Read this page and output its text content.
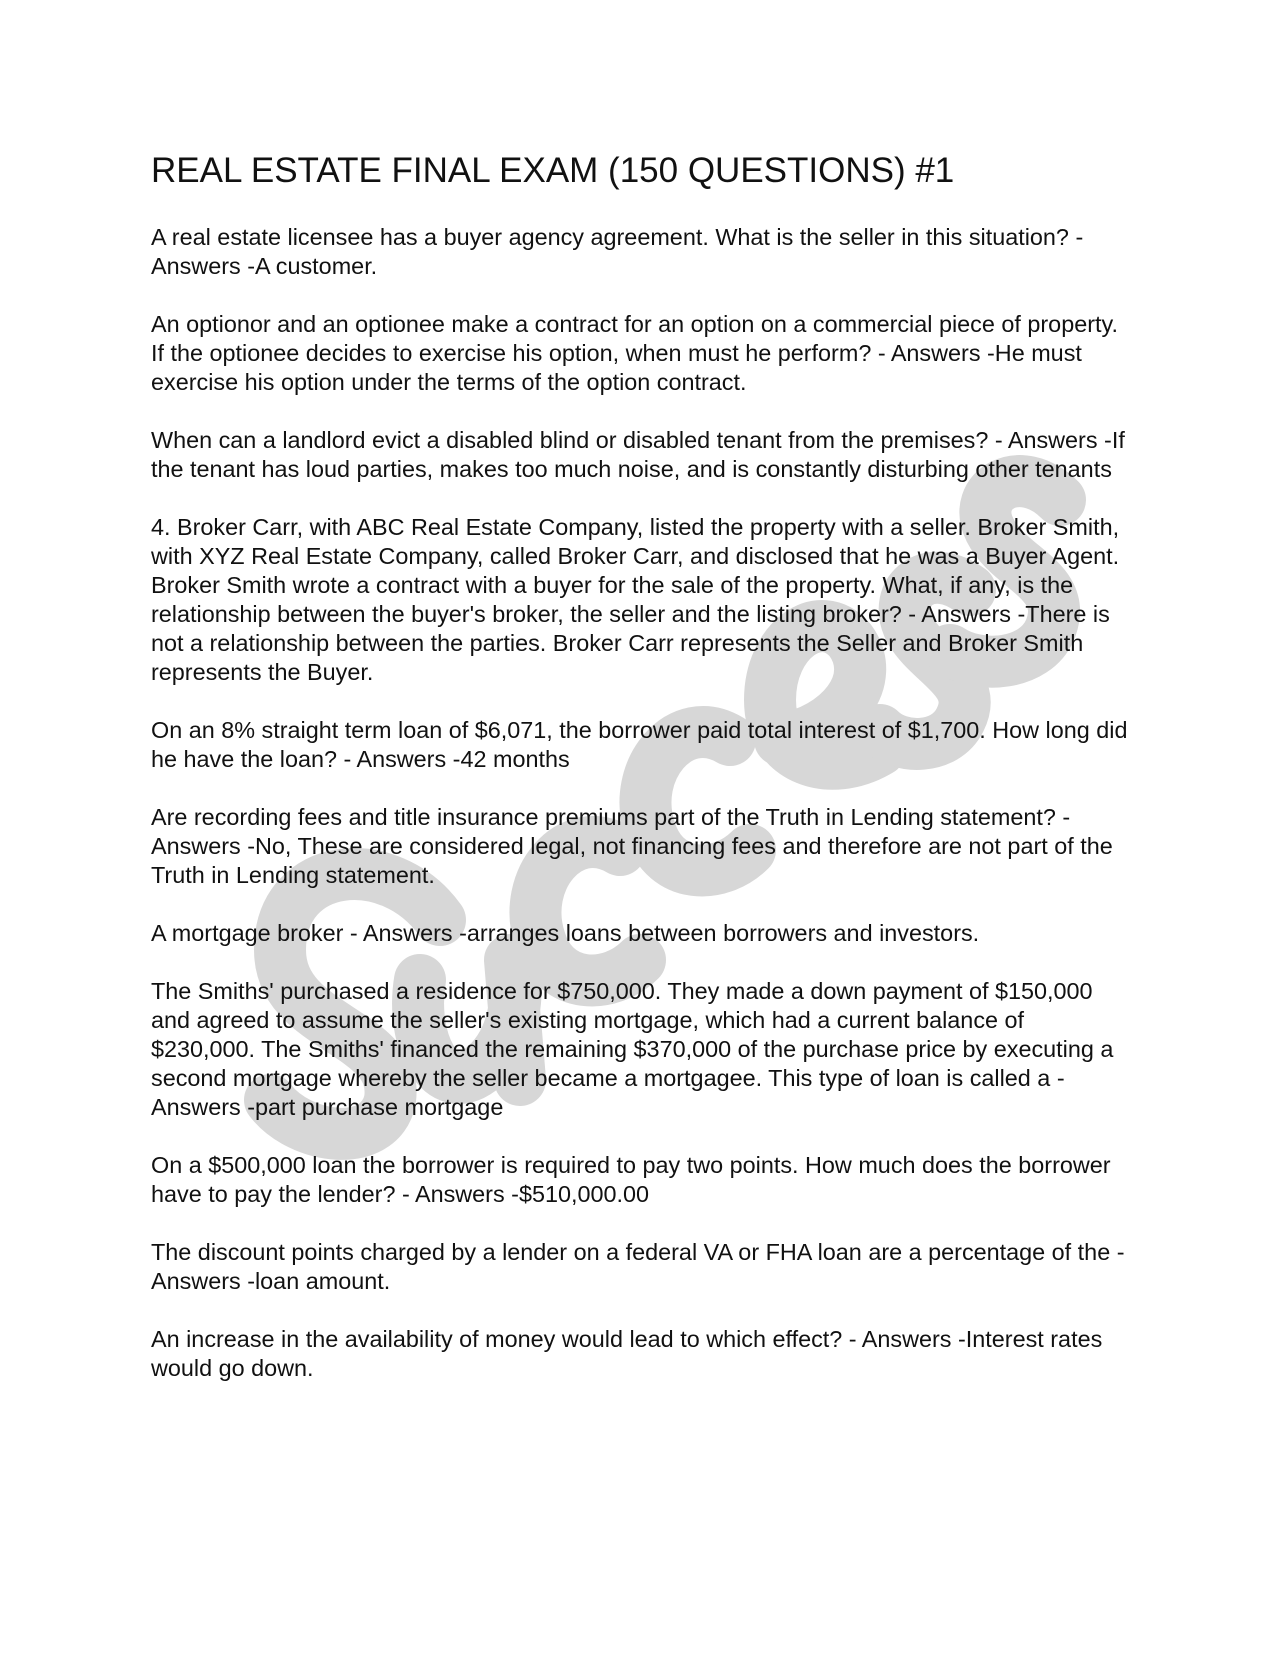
REAL ESTATE FINAL EXAM (150 QUESTIONS) #1

A real estate licensee has a buyer agency agreement. What is the seller in this situation? - Answers -A customer.

An optionor and an optionee make a contract for an option on a commercial piece of property. If the optionee decides to exercise his option, when must he perform? - Answers -He must exercise his option under the terms of the option contract.

When can a landlord evict a disabled blind or disabled tenant from the premises? - Answers -If the tenant has loud parties, makes too much noise, and is constantly disturbing other tenants

4. Broker Carr, with ABC Real Estate Company, listed the property with a seller. Broker Smith, with XYZ Real Estate Company, called Broker Carr, and disclosed that he was a Buyer Agent. Broker Smith wrote a contract with a buyer for the sale of the property. What, if any, is the relationship between the buyer's broker, the seller and the listing broker? - Answers -There is not a relationship between the parties. Broker Carr represents the Seller and Broker Smith represents the Buyer.

On an 8% straight term loan of $6,071, the borrower paid total interest of $1,700. How long did he have the loan? - Answers -42 months

Are recording fees and title insurance premiums part of the Truth in Lending statement? - Answers -No, These are considered legal, not financing fees and therefore are not part of the Truth in Lending statement.

A mortgage broker - Answers -arranges loans between borrowers and investors.

The Smiths' purchased a residence for $750,000. They made a down payment of $150,000 and agreed to assume the seller's existing mortgage, which had a current balance of $230,000. The Smiths' financed the remaining $370,000 of the purchase price by executing a second mortgage whereby the seller became a mortgagee. This type of loan is called a - Answers -part purchase mortgage

On a $500,000 loan the borrower is required to pay two points. How much does the borrower have to pay the lender? - Answers -$510,000.00

The discount points charged by a lender on a federal VA or FHA loan are a percentage of the - Answers -loan amount.

An increase in the availability of money would lead to which effect? - Answers -Interest rates would go down.
